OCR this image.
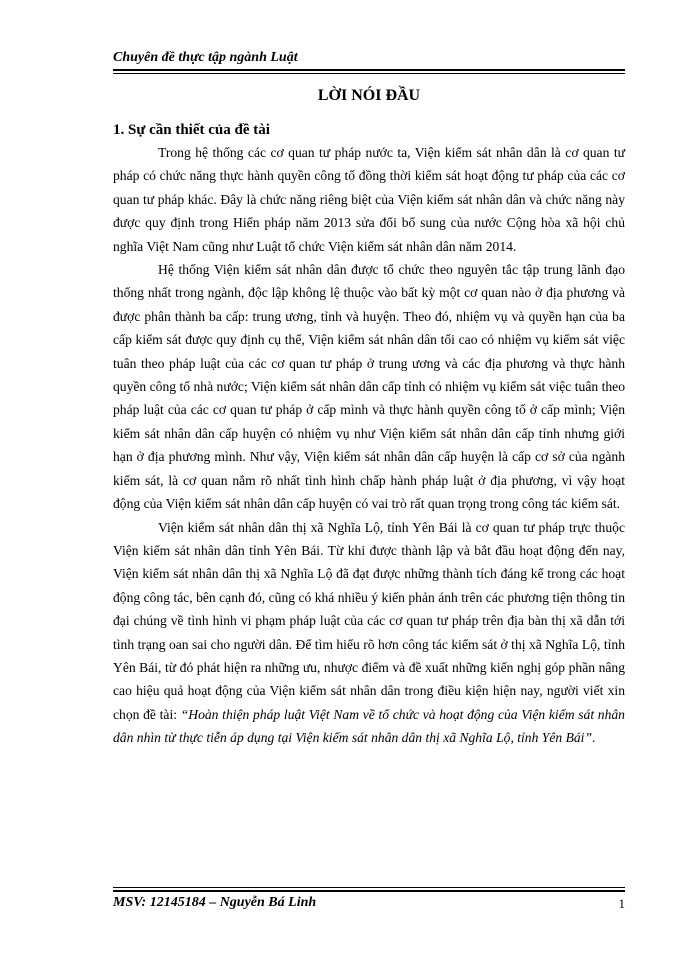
Chuyên đề thực tập ngành Luật
LỜI NÓI ĐẦU
1. Sự cần thiết của đề tài

Trong hệ thống các cơ quan tư pháp nước ta, Viện kiểm sát nhân dân là cơ quan tư pháp có chức năng thực hành quyền công tố đồng thời kiểm sát hoạt động tư pháp của các cơ quan tư pháp khác. Đây là chức năng riêng biệt của Viện kiểm sát nhân dân và chức năng này được quy định trong Hiến pháp năm 2013 sửa đổi bổ sung của nước Cộng hòa xã hội chủ nghĩa Việt Nam cũng như Luật tổ chức Viện kiểm sát nhân dân năm 2014.

Hệ thống Viện kiểm sát nhân dân được tổ chức theo nguyên tắc tập trung lãnh đạo thống nhất trong ngành, độc lập không lệ thuộc vào bất kỳ một cơ quan nào ở địa phương và được phân thành ba cấp: trung ương, tỉnh và huyện. Theo đó, nhiệm vụ và quyền hạn của ba cấp kiểm sát được quy định cụ thể, Viện kiểm sát nhân dân tối cao có nhiệm vụ kiểm sát việc tuân theo pháp luật của các cơ quan tư pháp ở trung ương và các địa phương và thực hành quyền công tố nhà nước; Viện kiểm sát nhân dân cấp tỉnh có nhiệm vụ kiểm sát việc tuân theo pháp luật của các cơ quan tư pháp ở cấp mình và thực hành quyền công tố ở cấp mình; Viện kiểm sát nhân dân cấp huyện có nhiệm vụ như Viện kiểm sát nhân dân cấp tỉnh nhưng giới hạn ở địa phương mình. Như vậy, Viện kiểm sát nhân dân cấp huyện là cấp cơ sở của ngành kiểm sát, là cơ quan nắm rõ nhất tình hình chấp hành pháp luật ở địa phương, vì vậy hoạt động của Viện kiểm sát nhân dân cấp huyện có vai trò rất quan trọng trong công tác kiểm sát.

Viện kiểm sát nhân dân thị xã Nghĩa Lộ, tỉnh Yên Bái là cơ quan tư pháp trực thuộc Viện kiểm sát nhân dân tỉnh Yên Bái. Từ khi được thành lập và bắt đầu hoạt động đến nay, Viện kiểm sát nhân dân thị xã Nghĩa Lộ đã đạt được những thành tích đáng kể trong các hoạt động công tác, bên cạnh đó, cũng có khá nhiều ý kiến phản ánh trên các phương tiện thông tin đại chúng về tình hình vi phạm pháp luật của các cơ quan tư pháp trên địa bàn thị xã dẫn tới tình trạng oan sai cho người dân. Để tìm hiểu rõ hơn công tác kiểm sát ở thị xã Nghĩa Lộ, tỉnh Yên Bái, từ đó phát hiện ra những ưu, nhược điểm và đề xuất những kiến nghị góp phần nâng cao hiệu quả hoạt động của Viện kiểm sát nhân dân trong điều kiện hiện nay, người viết xin chọn đề tài: “Hoàn thiện pháp luật Việt Nam về tổ chức và hoạt động của Viện kiểm sát nhân dân nhìn từ thực tiễn áp dụng tại Viện kiểm sát nhân dân thị xã Nghĩa Lộ, tỉnh Yên Bái”.

MSV: 12145184 – Nguyễn Bá Linh	1
